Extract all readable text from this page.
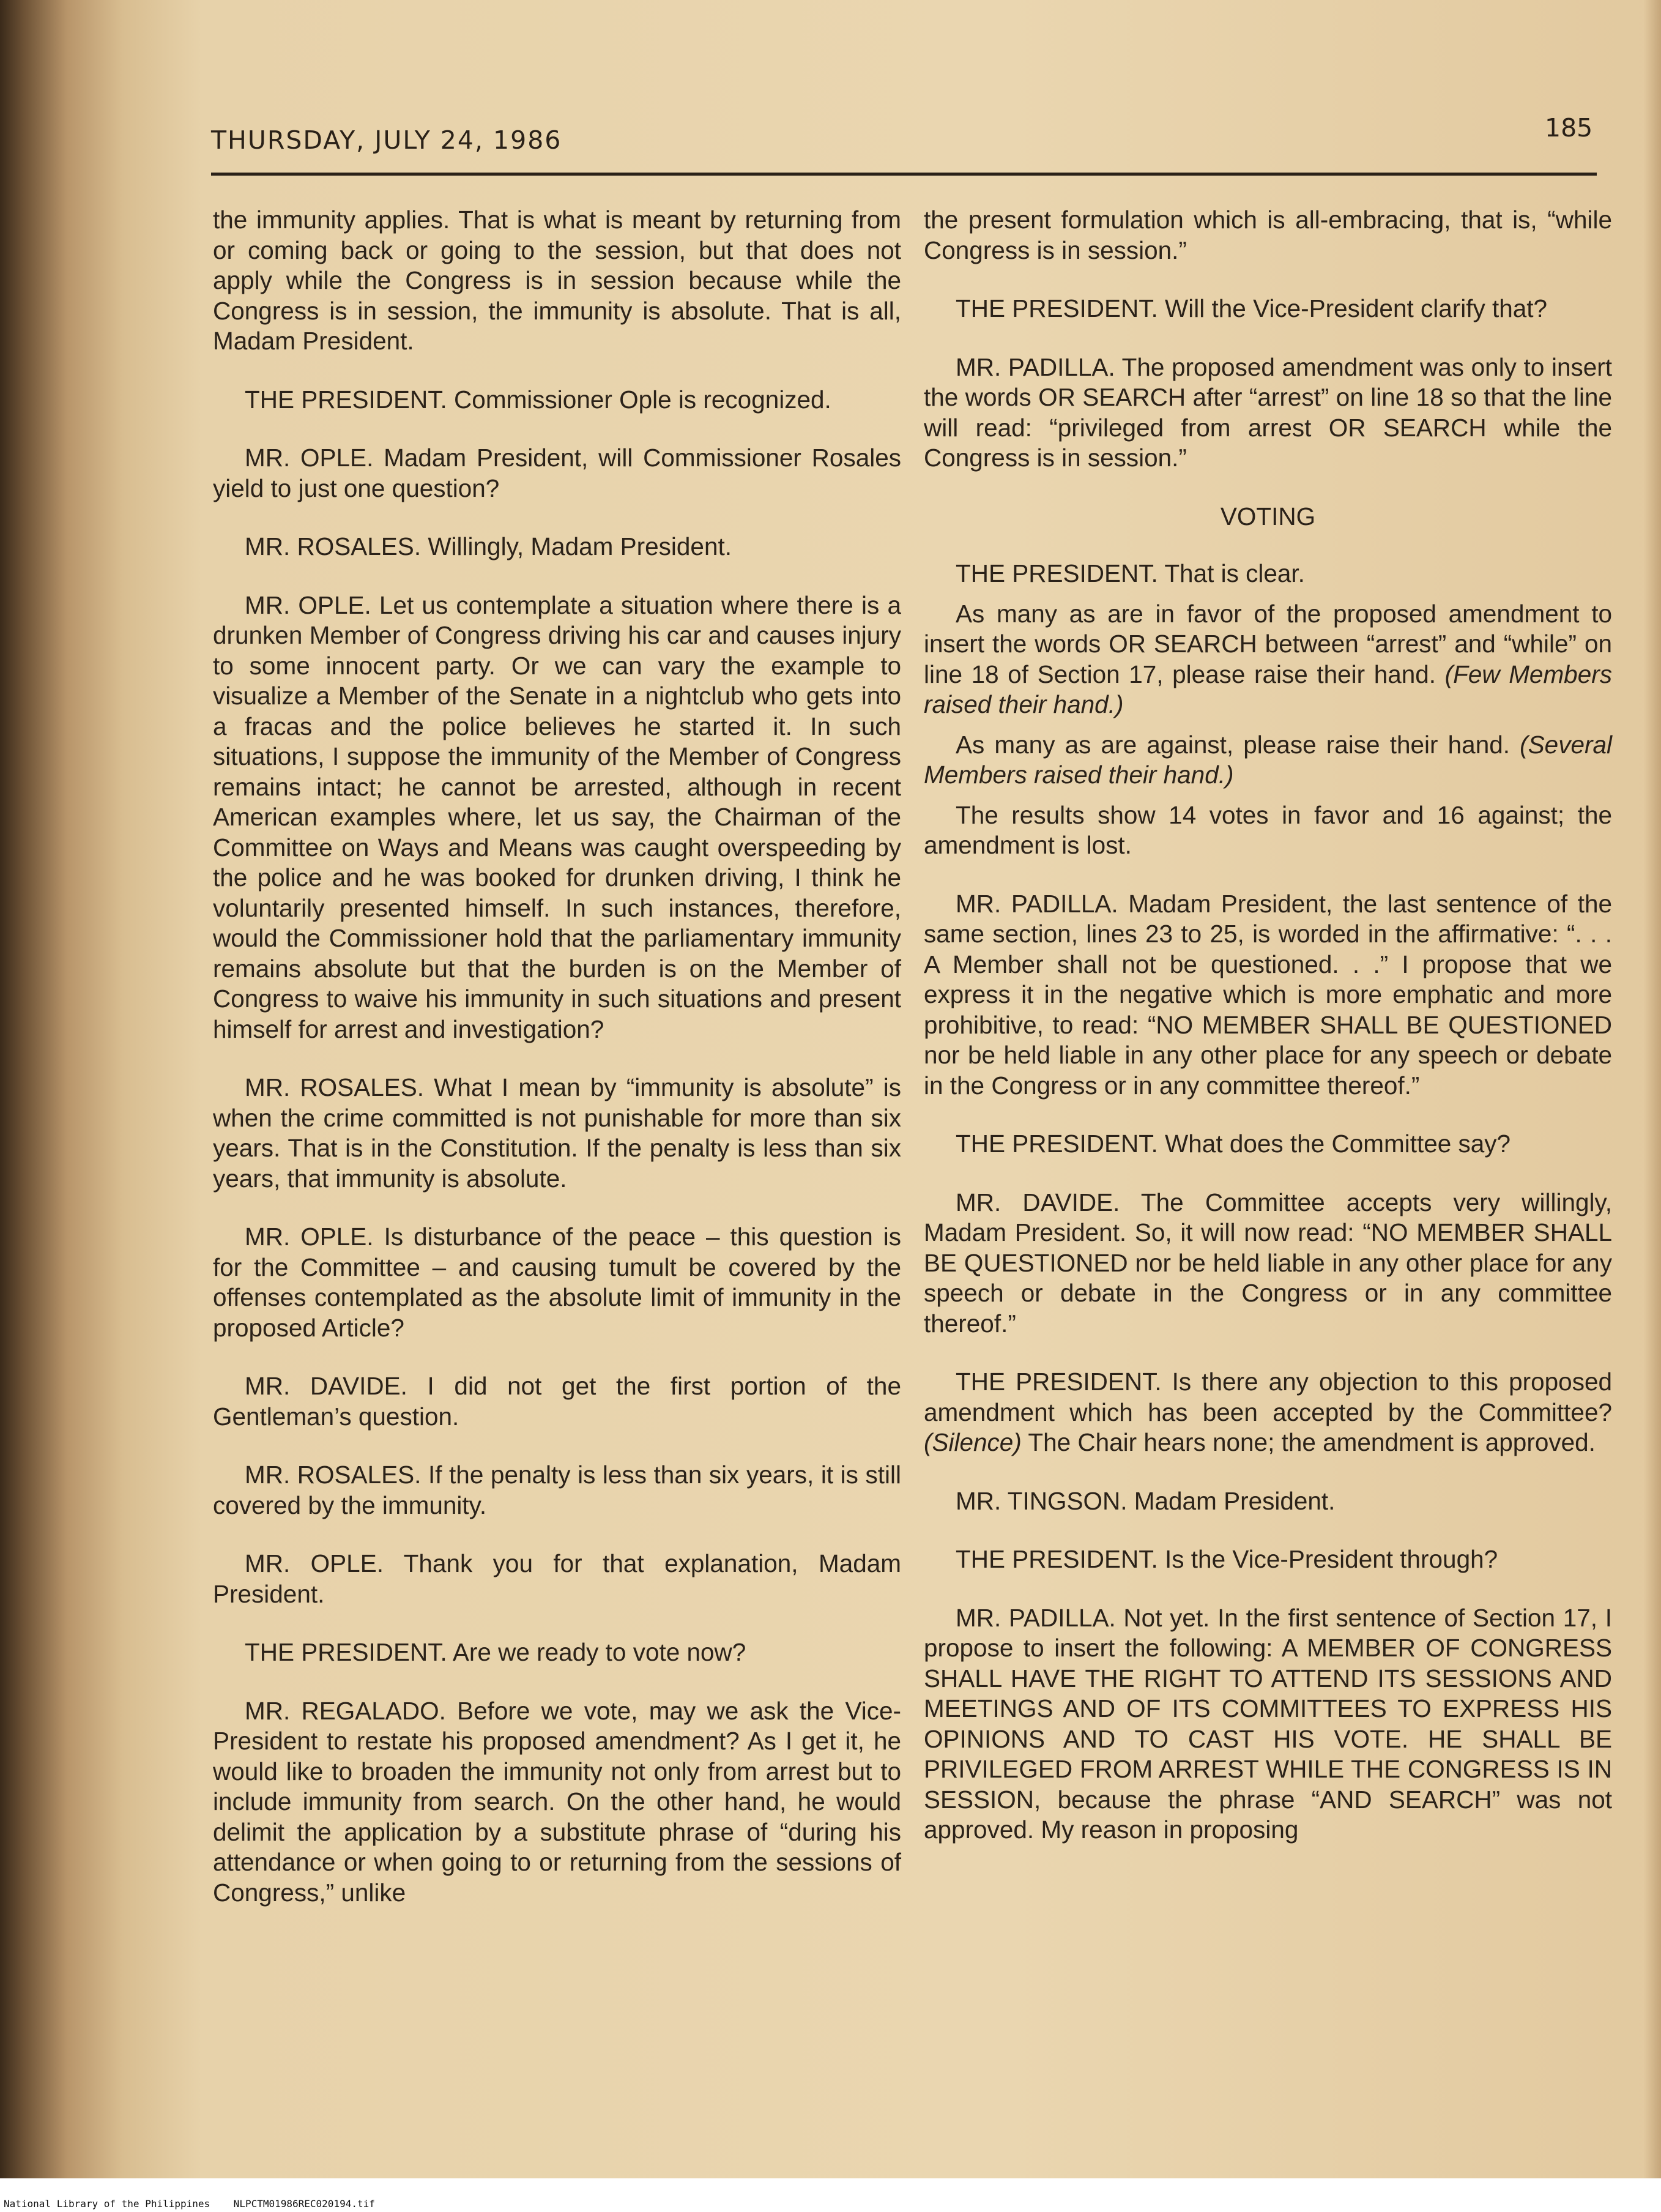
THURSDAY, JULY 24, 1986	185

the immunity applies. That is what is meant by returning from or coming back or going to the session, but that does not apply while the Congress is in session because while the Congress is in session, the immunity is absolute. That is all, Madam President.

THE PRESIDENT. Commissioner Ople is recognized.

MR. OPLE. Madam President, will Commissioner Rosales yield to just one question?

MR. ROSALES. Willingly, Madam President.

MR. OPLE. Let us contemplate a situation where there is a drunken Member of Congress driving his car and causes injury to some innocent party. Or we can vary the example to visualize a Member of the Senate in a nightclub who gets into a fracas and the police believes he started it. In such situations, I suppose the immunity of the Member of Congress remains intact; he cannot be arrested, although in recent American examples where, let us say, the Chairman of the Committee on Ways and Means was caught overspeeding by the police and he was booked for drunken driving, I think he voluntarily presented himself. In such instances, therefore, would the Commissioner hold that the parliamentary immunity remains absolute but that the burden is on the Member of Congress to waive his immunity in such situations and present himself for arrest and investigation?

MR. ROSALES. What I mean by “immunity is absolute” is when the crime committed is not punishable for more than six years. That is in the Constitution. If the penalty is less than six years, that immunity is absolute.

MR. OPLE. Is disturbance of the peace – this question is for the Committee – and causing tumult be covered by the offenses contemplated as the absolute limit of immunity in the proposed Article?

MR. DAVIDE. I did not get the first portion of the Gentleman’s question.

MR. ROSALES. If the penalty is less than six years, it is still covered by the immunity.

MR. OPLE. Thank you for that explanation, Madam President.

THE PRESIDENT. Are we ready to vote now?

MR. REGALADO. Before we vote, may we ask the Vice-President to restate his proposed amendment? As I get it, he would like to broaden the immunity not only from arrest but to include immunity from search. On the other hand, he would delimit the application by a substitute phrase of “during his attendance or when going to or returning from the sessions of Congress,” unlike

the present formulation which is all-embracing, that is, “while Congress is in session.”

THE PRESIDENT. Will the Vice-President clarify that?

MR. PADILLA. The proposed amendment was only to insert the words OR SEARCH after “arrest” on line 18 so that the line will read: “privileged from arrest OR SEARCH while the Congress is in session.”

VOTING

THE PRESIDENT. That is clear.

As many as are in favor of the proposed amendment to insert the words OR SEARCH between “arrest” and “while” on line 18 of Section 17, please raise their hand. (Few Members raised their hand.)

As many as are against, please raise their hand. (Several Members raised their hand.)

The results show 14 votes in favor and 16 against; the amendment is lost.

MR. PADILLA. Madam President, the last sentence of the same section, lines 23 to 25, is worded in the affirmative: “. . . A Member shall not be questioned. . .” I propose that we express it in the negative which is more emphatic and more prohibitive, to read: “NO MEMBER SHALL BE QUESTIONED nor be held liable in any other place for any speech or debate in the Congress or in any committee thereof.”

THE PRESIDENT. What does the Committee say?

MR. DAVIDE. The Committee accepts very willingly, Madam President. So, it will now read: “NO MEMBER SHALL BE QUESTIONED nor be held liable in any other place for any speech or debate in the Congress or in any committee thereof.”

THE PRESIDENT. Is there any objection to this proposed amendment which has been accepted by the Committee? (Silence) The Chair hears none; the amendment is approved.

MR. TINGSON. Madam President.

THE PRESIDENT. Is the Vice-President through?

MR. PADILLA. Not yet. In the first sentence of Section 17, I propose to insert the following: A MEMBER OF CONGRESS SHALL HAVE THE RIGHT TO ATTEND ITS SESSIONS AND MEETINGS AND OF ITS COMMITTEES TO EXPRESS HIS OPINIONS AND TO CAST HIS VOTE. HE SHALL BE PRIVILEGED FROM ARREST WHILE THE CONGRESS IS IN SESSION, because the phrase “AND SEARCH” was not approved. My reason in proposing

National Library of the Philippines    NLPCTM01986REC020194.tif
